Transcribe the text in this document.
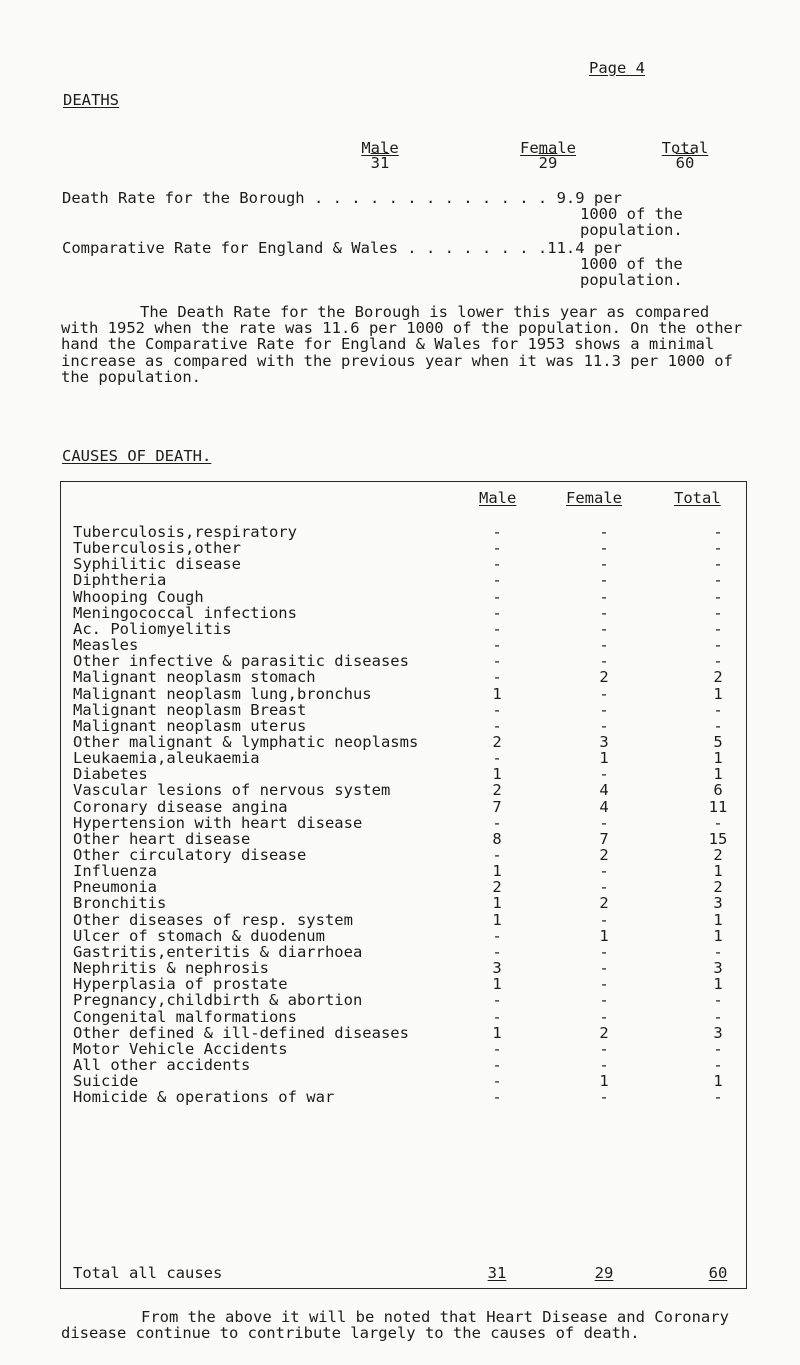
Page 4
DEATHS
Male	Female	Total
31	29	60
Death Rate for the Borough . . . . . . . . . . . . . 9.9 per
1000 of the
population.
Comparative Rate for England & Wales . . . . . . . .11.4 per
1000 of the
population.
The Death Rate for the Borough is lower this year as compared with 1952 when the rate was 11.6 per 1000 of the population. On the other hand the Comparative Rate for England & Wales for 1953 shows a minimal increase as compared with the previous year when it was 11.3 per 1000 of the population.
CAUSES OF DEATH.
Male	Female	Total
Tuberculosis,respiratory	-	-	-
Tuberculosis,other	-	-	-
Syphilitic disease	-	-	-
Diphtheria	-	-	-
Whooping Cough	-	-	-
Meningococcal infections	-	-	-
Ac. Poliomyelitis	-	-	-
Measles	-	-	-
Other infective & parasitic diseases	-	-	-
Malignant neoplasm stomach	-	2	2
Malignant neoplasm lung,bronchus	1	-	1
Malignant neoplasm Breast	-	-	-
Malignant neoplasm uterus	-	-	-
Other malignant & lymphatic neoplasms	2	3	5
Leukaemia,aleukaemia	-	1	1
Diabetes	1	-	1
Vascular lesions of nervous system	2	4	6
Coronary disease angina	7	4	11
Hypertension with heart disease	-	-	-
Other heart disease	8	7	15
Other circulatory disease	-	2	2
Influenza	1	-	1
Pneumonia	2	-	2
Bronchitis	1	2	3
Other diseases of resp. system	1	-	1
Ulcer of stomach & duodenum	-	1	1
Gastritis,enteritis & diarrhoea	-	-	-
Nephritis & nephrosis	3	-	3
Hyperplasia of prostate	1	-	1
Pregnancy,childbirth & abortion	-	-	-
Congenital malformations	-	-	-
Other defined & ill-defined diseases	1	2	3
Motor Vehicle Accidents	-	-	-
All other accidents	-	-	-
Suicide	-	1	1
Homicide & operations of war	-	-	-
Total all causes	31	29	60
From the above it will be noted that Heart Disease and Coronary disease continue to contribute largely to the causes of death.
